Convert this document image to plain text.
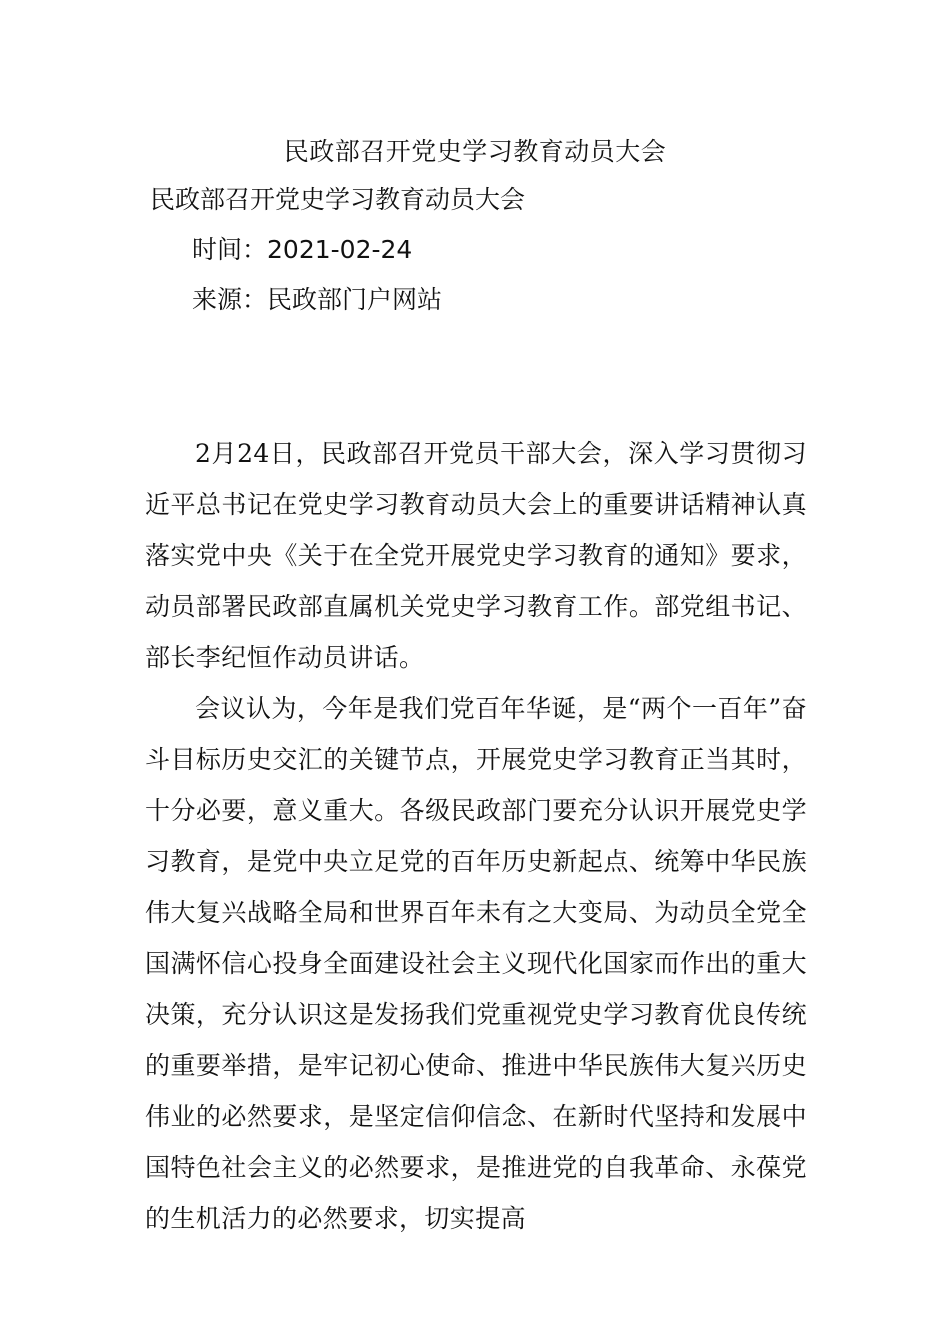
民政部召开党史学习教育动员大会
民政部召开党史学习教育动员大会
时间：2021-02-24
来源：民政部门户网站

2月24日，民政部召开党员干部大会，深入学习贯彻习近平总书记在党史学习教育动员大会上的重要讲话精神认真落实党中央《关于在全党开展党史学习教育的通知》要求，动员部署民政部直属机关党史学习教育工作。部党组书记、部长李纪恒作动员讲话。

会议认为，今年是我们党百年华诞，是“两个一百年”奋斗目标历史交汇的关键节点，开展党史学习教育正当其时，十分必要，意义重大。各级民政部门要充分认识开展党史学习教育，是党中央立足党的百年历史新起点、统筹中华民族伟大复兴战略全局和世界百年未有之大变局、为动员全党全国满怀信心投身全面建设社会主义现代化国家而作出的重大决策，充分认识这是发扬我们党重视党史学习教育优良传统的重要举措，是牢记初心使命、推进中华民族伟大复兴历史伟业的必然要求，是坚定信仰信念、在新时代坚持和发展中国特色社会主义的必然要求，是推进党的自我革命、永葆党的生机活力的必然要求，切实提高
